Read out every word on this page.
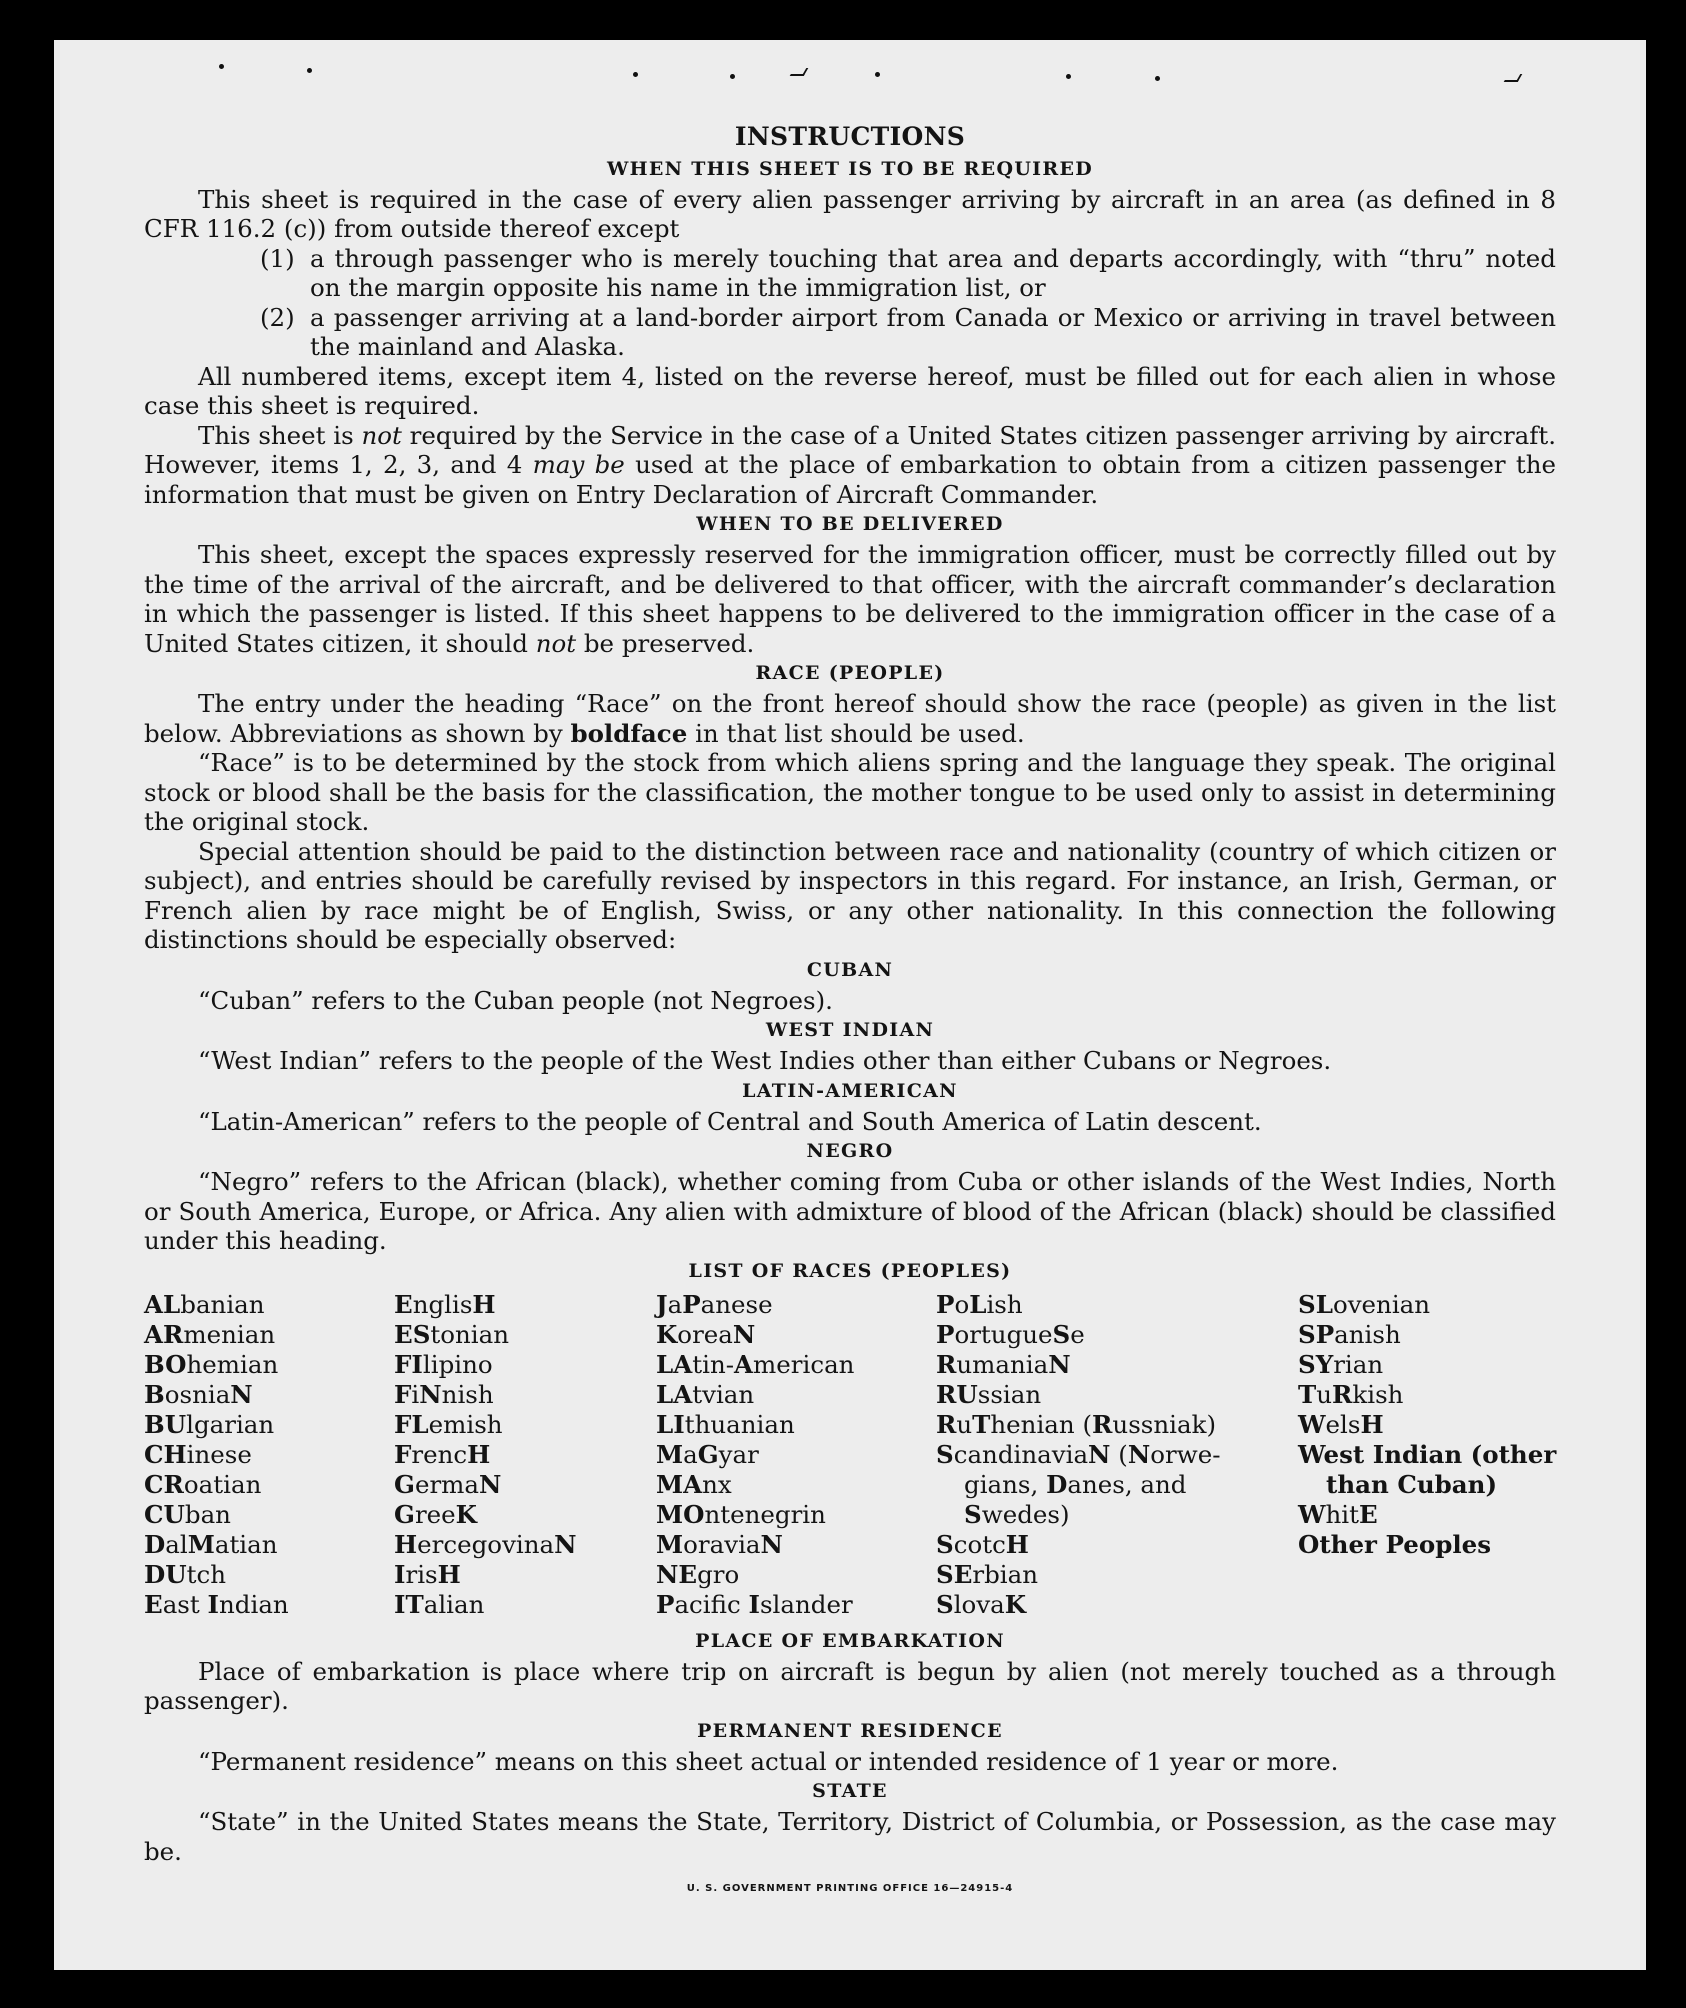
INSTRUCTIONS
WHEN THIS SHEET IS TO BE REQUIRED

This sheet is required in the case of every alien passenger arriving by aircraft in an area (as defined in 8 CFR 116.2 (c)) from outside thereof except

(1) a through passenger who is merely touching that area and departs accordingly, with “thru” noted on the margin opposite his name in the immigration list, or
(2) a passenger arriving at a land-border airport from Canada or Mexico or arriving in travel between the mainland and Alaska.

All numbered items, except item 4, listed on the reverse hereof, must be filled out for each alien in whose case this sheet is required.

This sheet is not required by the Service in the case of a United States citizen passenger arriving by aircraft. However, items 1, 2, 3, and 4 may be used at the place of embarkation to obtain from a citizen passenger the information that must be given on Entry Declaration of Aircraft Commander.

WHEN TO BE DELIVERED

This sheet, except the spaces expressly reserved for the immigration officer, must be correctly filled out by the time of the arrival of the aircraft, and be delivered to that officer, with the aircraft commander’s declaration in which the passenger is listed. If this sheet happens to be delivered to the immigration officer in the case of a United States citizen, it should not be preserved.

RACE (PEOPLE)

The entry under the heading “Race” on the front hereof should show the race (people) as given in the list below. Abbreviations as shown by boldface in that list should be used.

“Race” is to be determined by the stock from which aliens spring and the language they speak. The original stock or blood shall be the basis for the classification, the mother tongue to be used only to assist in determining the original stock.

Special attention should be paid to the distinction between race and nationality (country of which citizen or subject), and entries should be carefully revised by inspectors in this regard. For instance, an Irish, German, or French alien by race might be of English, Swiss, or any other nationality. In this connection the following distinctions should be especially observed:

CUBAN

“Cuban” refers to the Cuban people (not Negroes).

WEST INDIAN

“West Indian” refers to the people of the West Indies other than either Cubans or Negroes.

LATIN-AMERICAN

“Latin-American” refers to the people of Central and South America of Latin descent.

NEGRO

“Negro” refers to the African (black), whether coming from Cuba or other islands of the West Indies, North or South America, Europe, or Africa. Any alien with admixture of blood of the African (black) should be classified under this heading.

LIST OF RACES (PEOPLES)
ALbanian
ARmenian
BOhemian
BosniaN
BUlgarian
CHinese
CRoatian
CUban
DalMatian
DUtch
East Indian
EnglisH
EStonian
FIlipino
FiNnish
FLemish
FrencH
GermaN
GreeK
HercegovinaN
IrisH
ITalian
JaPanese
KoreaN
LAtin-American
LAtvian
LIthuanian
MaGyar
MAnx
MOntenegrin
MoraviaN
NEgro
Pacifc Islander
PoLish
PortugueSe
RumaniaN
RUssian
RuThenian (Russniak)
ScandinaviaN (Norwe-
gians, Danes, and
Swedes)
ScotcH
SErbian
SlovaK
SLovenian
SPanish
SYrian
TuRkish
WelsH
West Indian (other
than Cuban)
WhitE
Other Peoples
PLACE OF EMBARKATION

Place of embarkation is place where trip on aircraft is begun by alien (not merely touched as a through passenger).

PERMANENT RESIDENCE

“Permanent residence” means on this sheet actual or intended residence of 1 year or more.

STATE

“State” in the United States means the State, Territory, District of Columbia, or Possession, as the case may be.

U. S. GOVERNMENT PRINTING OFFICE 16—24915-4
